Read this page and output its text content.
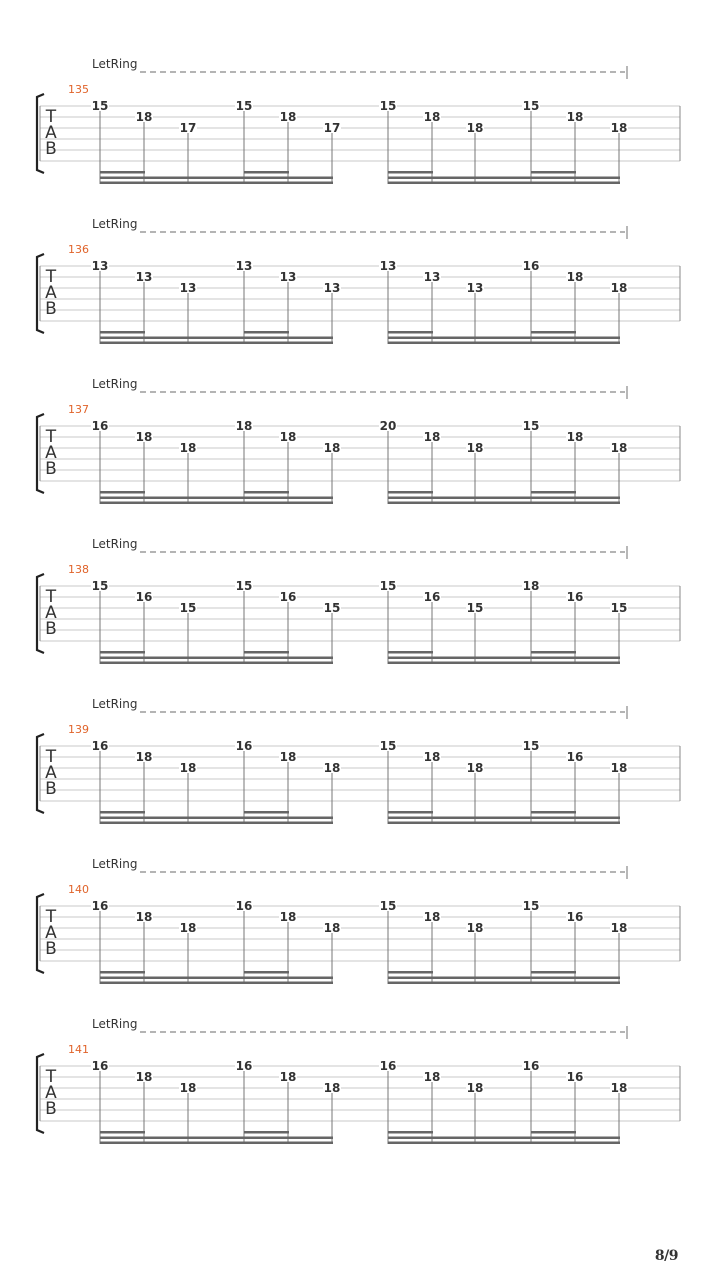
LetRing
135
T
A
B
15
18
17
15
18
17
15
18
18
15
18
18
LetRing
136
T
A
B
13
13
13
13
13
13
13
13
13
16
18
18
LetRing
137
T
A
B
16
18
18
18
18
18
20
18
18
15
18
18
LetRing
138
T
A
B
15
16
15
15
16
15
15
16
15
18
16
15
LetRing
139
T
A
B
16
18
18
16
18
18
15
18
18
15
16
18
LetRing
140
T
A
B
16
18
18
16
18
18
15
18
18
15
16
18
LetRing
141
T
A
B
16
18
18
16
18
18
16
18
18
16
16
18
8/9
